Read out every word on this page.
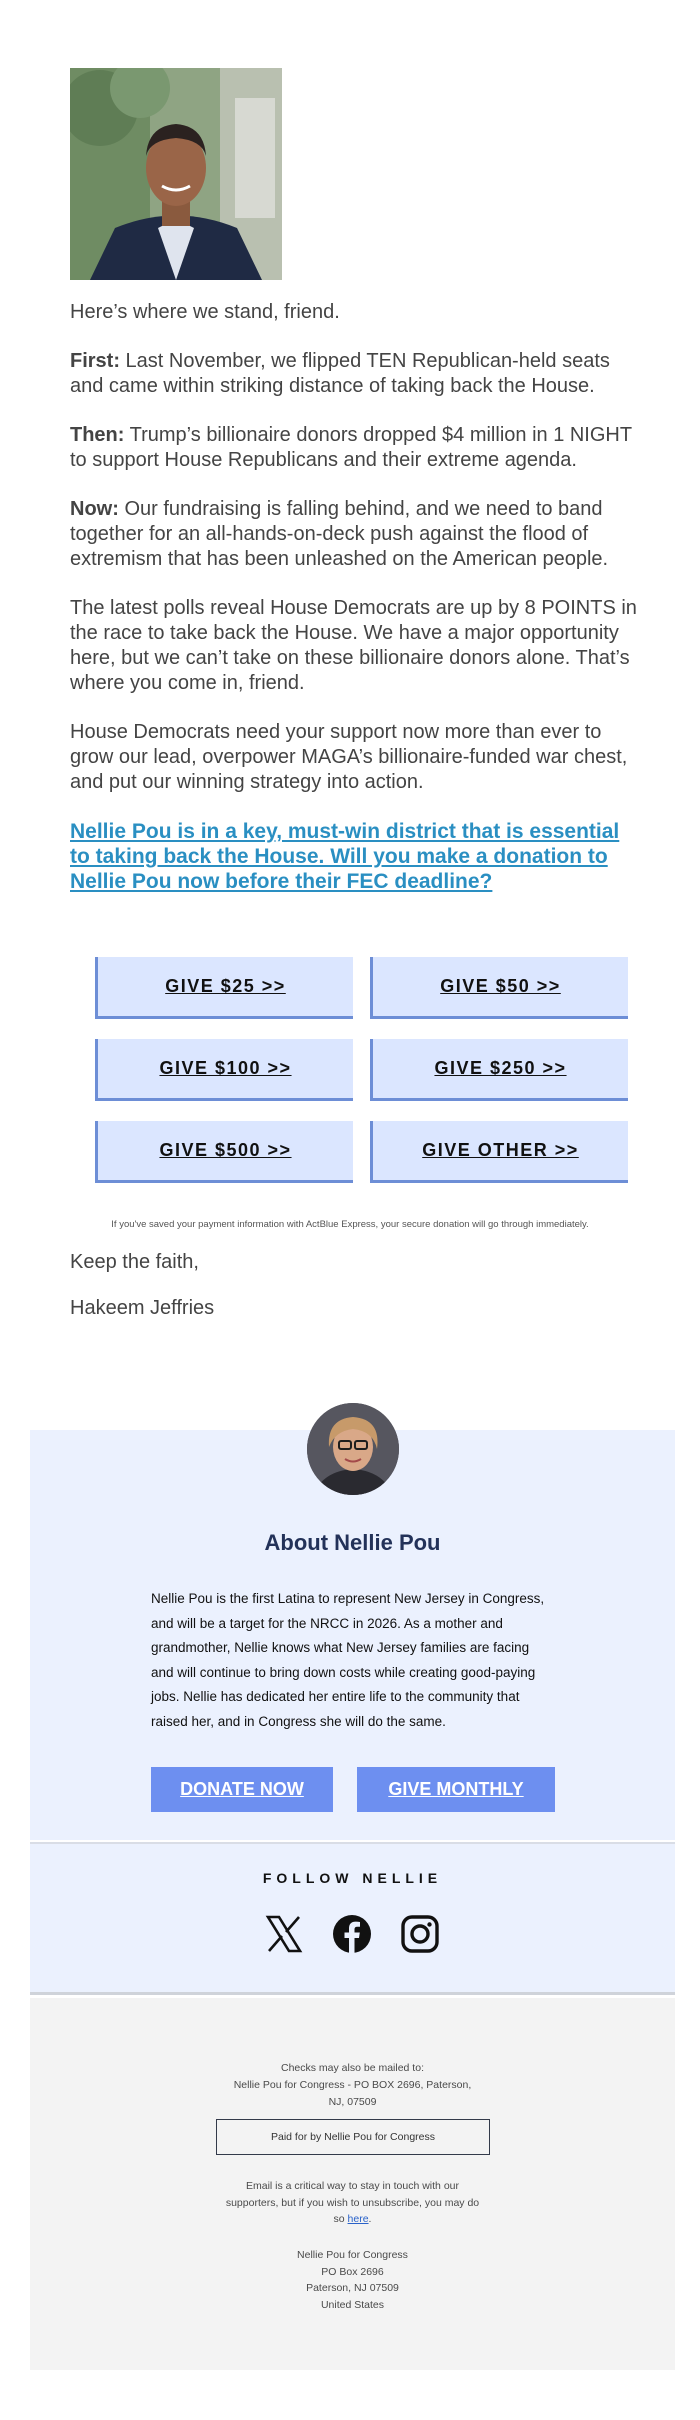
Here’s where we stand, friend.

First: Last November, we flipped TEN Republican-held seats and came within striking distance of taking back the House.

Then: Trump’s billionaire donors dropped $4 million in 1 NIGHT to support House Republicans and their extreme agenda.

Now: Our fundraising is falling behind, and we need to band together for an all-hands-on-deck push against the flood of extremism that has been unleashed on the American people.

The latest polls reveal House Democrats are up by 8 POINTS in the race to take back the House. We have a major opportunity here, but we can’t take on these billionaire donors alone. That’s where you come in, friend.

House Democrats need your support now more than ever to grow our lead, overpower MAGA’s billionaire-funded war chest, and put our winning strategy into action.

Nellie Pou is in a key, must-win district that is essential to taking back the House. Will you make a donation to Nellie Pou now before their FEC deadline?
GIVE $25 >>	GIVE $50 >>
GIVE $100 >>	GIVE $250 >>
GIVE $500 >>	GIVE OTHER >>
If you've saved your payment information with ActBlue Express, your secure donation will go through immediately.

Keep the faith,

Hakeem Jeffries

About Nellie Pou
Nellie Pou is the first Latina to represent New Jersey in Congress, and will be a target for the NRCC in 2026. As a mother and grandmother, Nellie knows what New Jersey families are facing and will continue to bring down costs while creating good-paying jobs. Nellie has dedicated her entire life to the community that raised her, and in Congress she will do the same.
DONATE NOW	GIVE MONTHLY
FOLLOW NELLIE
Checks may also be mailed to:
Nellie Pou for Congress - PO BOX 2696, Paterson, NJ, 07509
Paid for by Nellie Pou for Congress
Email is a critical way to stay in touch with our supporters, but if you wish to unsubscribe, you may do so here.
Nellie Pou for Congress
PO Box 2696
Paterson, NJ 07509
United States
